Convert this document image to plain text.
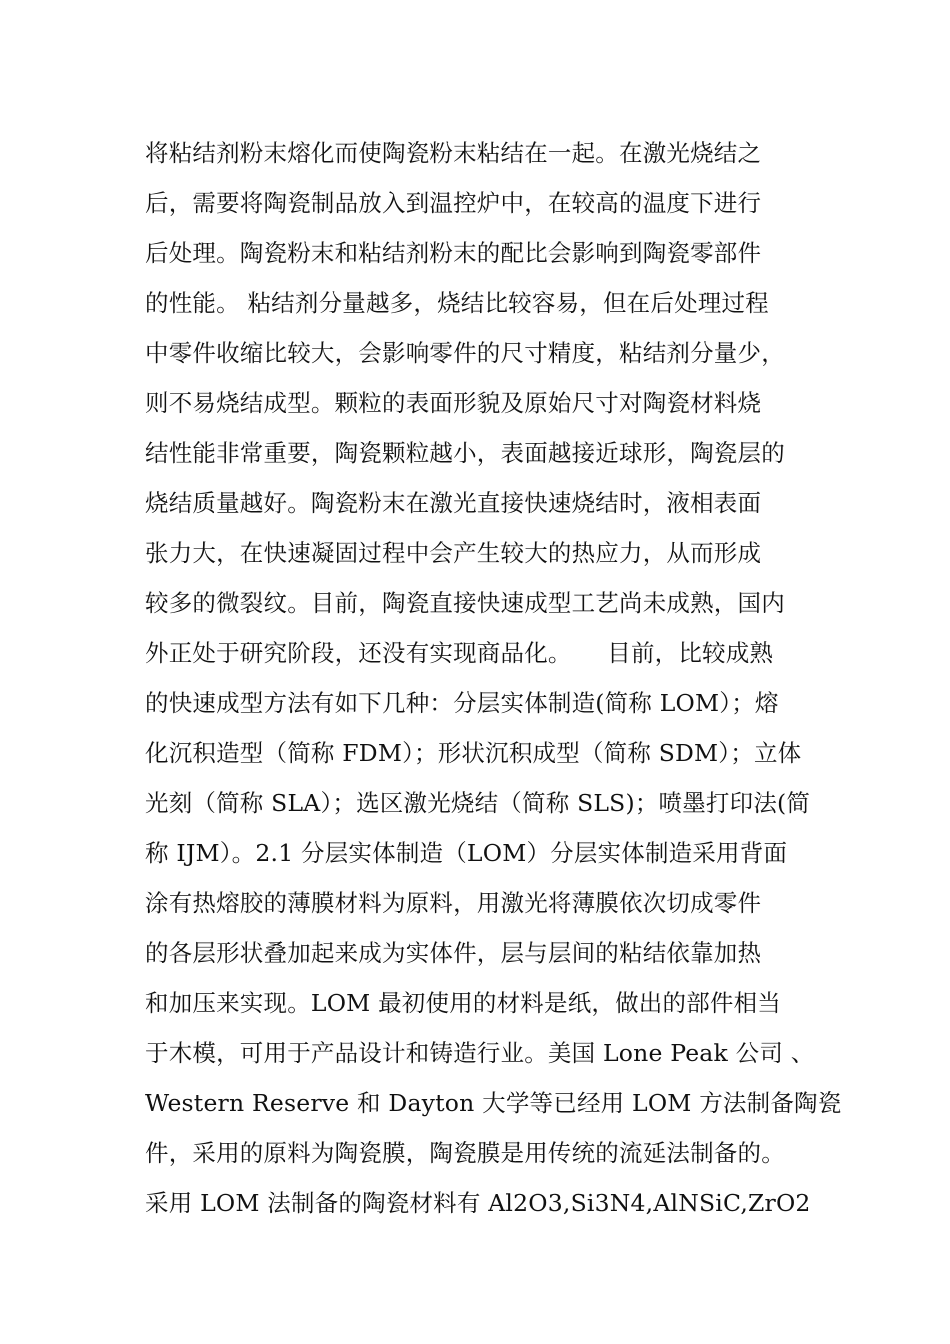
将粘结剂粉末熔化而使陶瓷粉末粘结在一起。在激光烧结之
后，需要将陶瓷制品放入到温控炉中，在较高的温度下进行
后处理。陶瓷粉末和粘结剂粉末的配比会影响到陶瓷零部件
的性能。 粘结剂分量越多，烧结比较容易，但在后处理过程
中零件收缩比较大，会影响零件的尺寸精度，粘结剂分量少，
则不易烧结成型。颗粒的表面形貌及原始尺寸对陶瓷材料烧
结性能非常重要，陶瓷颗粒越小，表面越接近球形，陶瓷层的
烧结质量越好。陶瓷粉末在激光直接快速烧结时，液相表面
张力大，在快速凝固过程中会产生较大的热应力，从而形成
较多的微裂纹。目前，陶瓷直接快速成型工艺尚未成熟，国内
外正处于研究阶段，还没有实现商品化。　　目前，比较成熟
的快速成型方法有如下几种：分层实体制造(简称 LOM）；熔
化沉积造型（简称 FDM）；形状沉积成型（简称 SDM）；立体
光刻（简称 SLA）；选区激光烧结（简称 SLS)；喷墨打印法(简
称 IJM）。2.1 分层实体制造（LOM）分层实体制造采用背面
涂有热熔胶的薄膜材料为原料，用激光将薄膜依次切成零件
的各层形状叠加起来成为实体件，层与层间的粘结依靠加热
和加压来实现。LOM 最初使用的材料是纸，做出的部件相当
于木模，可用于产品设计和铸造行业。美国 Lone Peak 公司 、
Western Reserve 和 Dayton 大学等已经用 LOM 方法制备陶瓷
件，采用的原料为陶瓷膜，陶瓷膜是用传统的流延法制备的。
采用 LOM 法制备的陶瓷材料有 Al2O3,Si3N4,AlNSiC,ZrO2
